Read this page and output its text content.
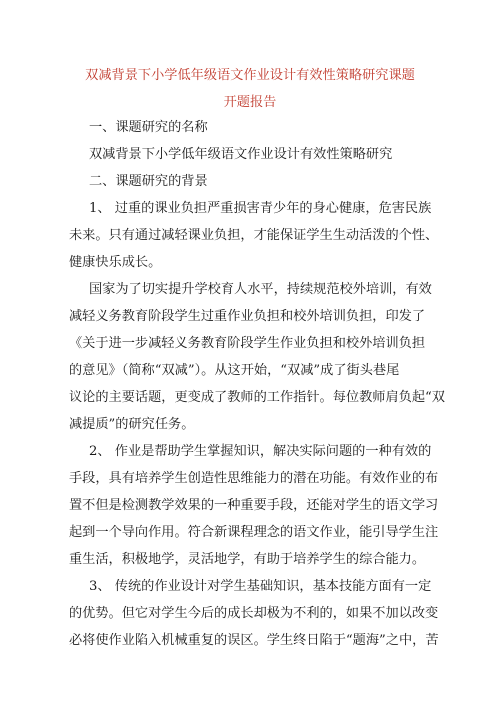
双减背景下小学低年级语文作业设计有效性策略研究课题
开题报告

一、课题研究的名称

双减背景下小学低年级语文作业设计有效性策略研究

二、课题研究的背景

1、 过重的课业负担严重损害青少年的身心健康，危害民族

未来。只有通过减轻课业负担，才能保证学生生动活泼的个性、

健康快乐成长。

国家为了切实提升学校育人水平，持续规范校外培训，有效

减轻义务教育阶段学生过重作业负担和校外培训负担，印发了

《关于进一步减轻义务教育阶段学生作业负担和校外培训负担

的意见》（简称“双减”）。从这开始，“双减”成了街头巷尾

议论的主要话题，更变成了教师的工作指针。每位教师肩负起“双

减提质”的研究任务。

2、 作业是帮助学生掌握知识，解决实际问题的一种有效的

手段，具有培养学生创造性思维能力的潜在功能。有效作业的布

置不但是检测教学效果的一种重要手段，还能对学生的语文学习

起到一个导向作用。符合新课程理念的语文作业，能引导学生注

重生活，积极地学，灵活地学，有助于培养学生的综合能力。

3、 传统的作业设计对学生基础知识，基本技能方面有一定

的优势。但它对学生今后的成长却极为不利的，如果不加以改变

必将使作业陷入机械重复的误区。学生终日陷于“题海”之中，苦
